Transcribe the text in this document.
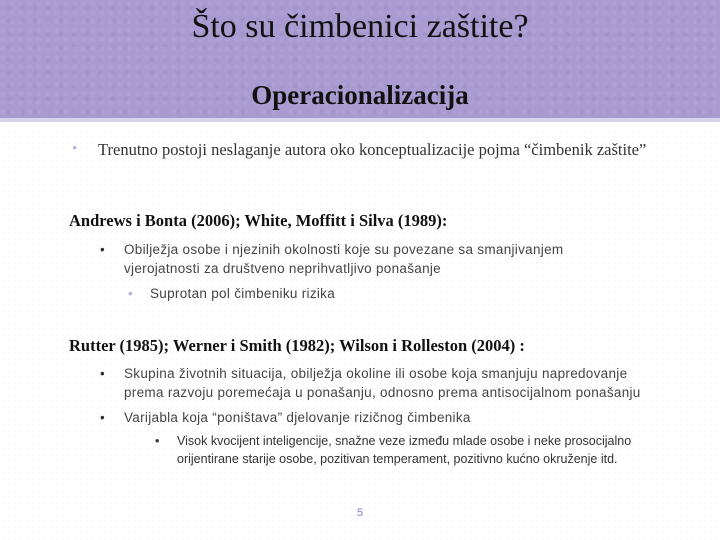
Što su čimbenici zaštite?
Operacionalizacija
• Trenutno postoji neslaganje autora oko konceptualizacije pojma “čimbenik zaštite”
Andrews i Bonta (2006); White, Moffitt i Silva (1989):
• Obilježja osobe i njezinih okolnosti koje su povezane sa smanjivanjem vjerojatnosti za društveno neprihvatljivo ponašanje
• Suprotan pol čimbeniku rizika
Rutter (1985); Werner i Smith (1982); Wilson i Rolleston (2004) :
• Skupina životnih situacija, obilježja okoline ili osobe koja smanjuju napredovanje prema razvoju poremećaja u ponašanju, odnosno prema antisocijalnom ponašanju
• Varijabla koja “poništava” djelovanje rizičnog čimbenika
• Visok kvocijent inteligencije, snažne veze između mlade osobe i neke prosocijalno orijentirane starije osobe, pozitivan temperament, pozitivno kućno okruženje itd.
5
